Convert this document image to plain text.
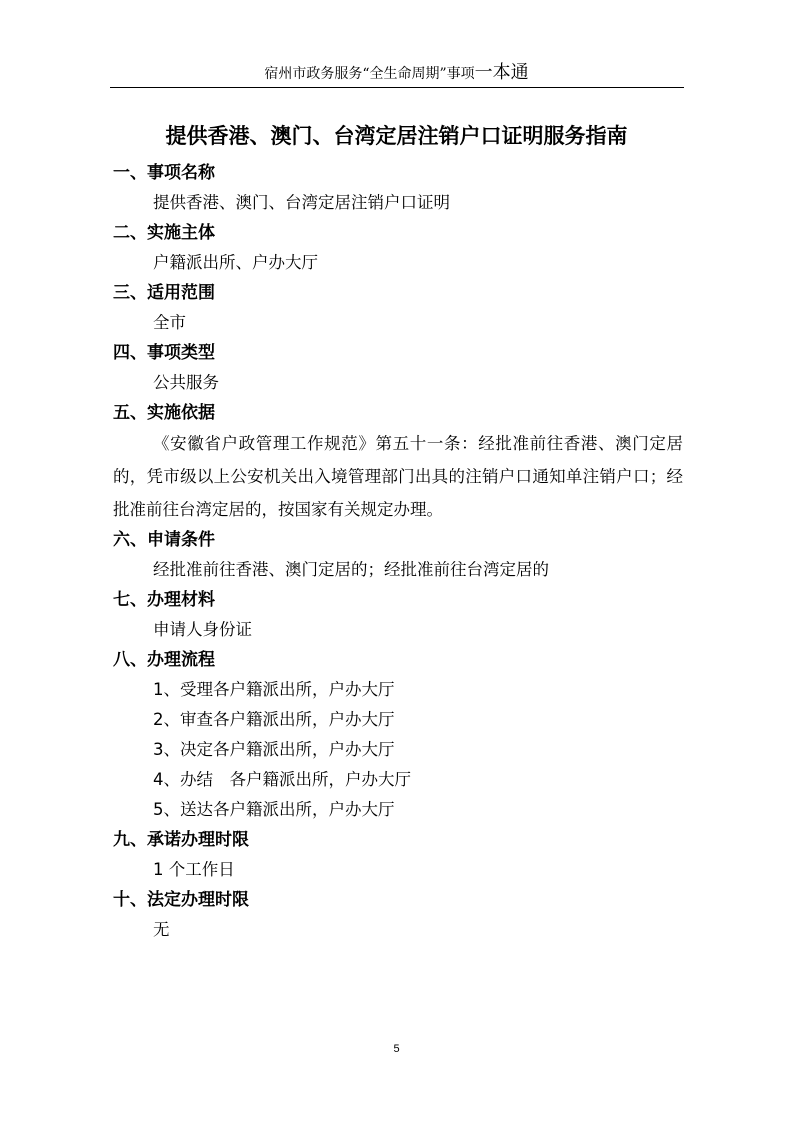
宿州市政务服务“全生命周期”事项一本通
提供香港、澳门、台湾定居注销户口证明服务指南
一、事项名称
提供香港、澳门、台湾定居注销户口证明
二、实施主体
户籍派出所、户办大厅
三、适用范围
全市
四、事项类型
公共服务
五、实施依据
《安徽省户政管理工作规范》第五十一条：经批准前往香港、澳门定居的，凭市级以上公安机关出入境管理部门出具的注销户口通知单注销户口；经批准前往台湾定居的，按国家有关规定办理。
六、申请条件
经批准前往香港、澳门定居的；经批准前往台湾定居的
七、办理材料
申请人身份证
八、办理流程
1、受理各户籍派出所，户办大厅
2、审查各户籍派出所，户办大厅
3、决定各户籍派出所，户办大厅
4、办结　各户籍派出所，户办大厅
5、送达各户籍派出所，户办大厅
九、承诺办理时限
1 个工作日
十、法定办理时限
无
5
